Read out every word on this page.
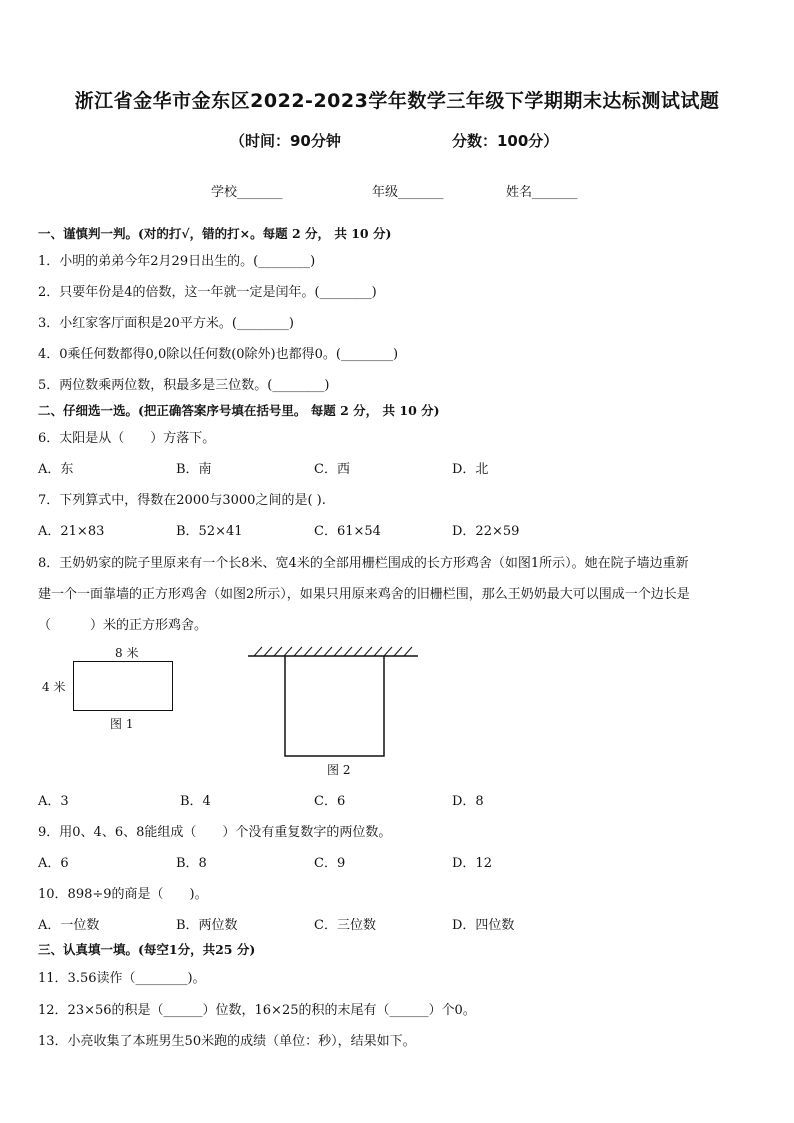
浙江省金华市金东区2022-2023学年数学三年级下学期期末达标测试试题
（时间：90分钟	分数：100分）
学校_______	年级_______	姓名_______
一、谨慎判一判。(对的打√，错的打×。每题 2 分， 共 10 分)
1．小明的弟弟今年2月29日出生的。(________)
2．只要年份是4的倍数，这一年就一定是闰年。(________)
3．小红家客厅面积是20平方米。(________)
4．0乘任何数都得0,0除以任何数(0除外)也都得0。(________)
5．两位数乘两位数，积最多是三位数。(________)
二、仔细选一选。(把正确答案序号填在括号里。 每题 2 分， 共 10 分)
6．太阳是从（　　）方落下。
A．东	B．南	C．西	D．北
7．下列算式中，得数在2000与3000之间的是( ).
A．21×83	B．52×41	C．61×54	D．22×59
8．王奶奶家的院子里原来有一个长8米、宽4米的全部用栅栏围成的长方形鸡舍（如图1所示）。她在院子墙边重新
建一个一面靠墙的正方形鸡舍（如图2所示），如果只用原来鸡舍的旧栅栏围，那么王奶奶最大可以围成一个边长是
（　　　）米的正方形鸡舍。
8 米
4 米
图 1
图 2
A．3	B．4	C．6	D．8
9．用0、4、6、8能组成（　　）个没有重复数字的两位数。
A．6	B．8	C．9	D．12
10．898÷9的商是（　　)。
A．一位数	B．两位数	C．三位数	D．四位数
三、认真填一填。(每空1分，共25 分)
11．3.56读作（________)。
12．23×56的积是（______）位数，16×25的积的末尾有（______）个0。
13．小亮收集了本班男生50米跑的成绩（单位：秒），结果如下。
